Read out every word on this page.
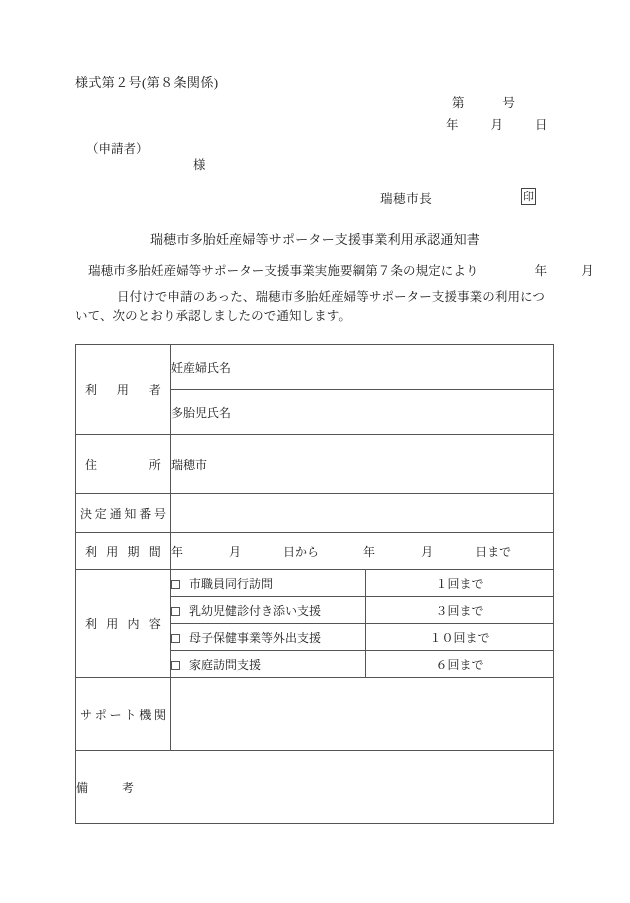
様式第２号(第８条関係)
第	号
年	月	日
（申請者）
様
瑞穂市長	印
瑞穂市多胎妊産婦等サポーター支援事業利用承認通知書
瑞穂市多胎妊産婦等サポーター支援事業実施要綱第７条の規定により	年	月
日付けで申請のあった、瑞穂市多胎妊産婦等サポーター支援事業の利用について、次のとおり承認しましたので通知します。
利用者	妊産婦氏名	
	多胎児氏名	

住所	瑞穂市	

決定通知番号		

利用期間	年 月 日から 年 月 日まで	

利用内容	市職員同行訪問	１回まで
	乳幼児健診付き添い支援	３回まで
	母子保健事業等外出支援	１０回まで
	家庭訪問支援	６回まで

サポート機関		

備考		
